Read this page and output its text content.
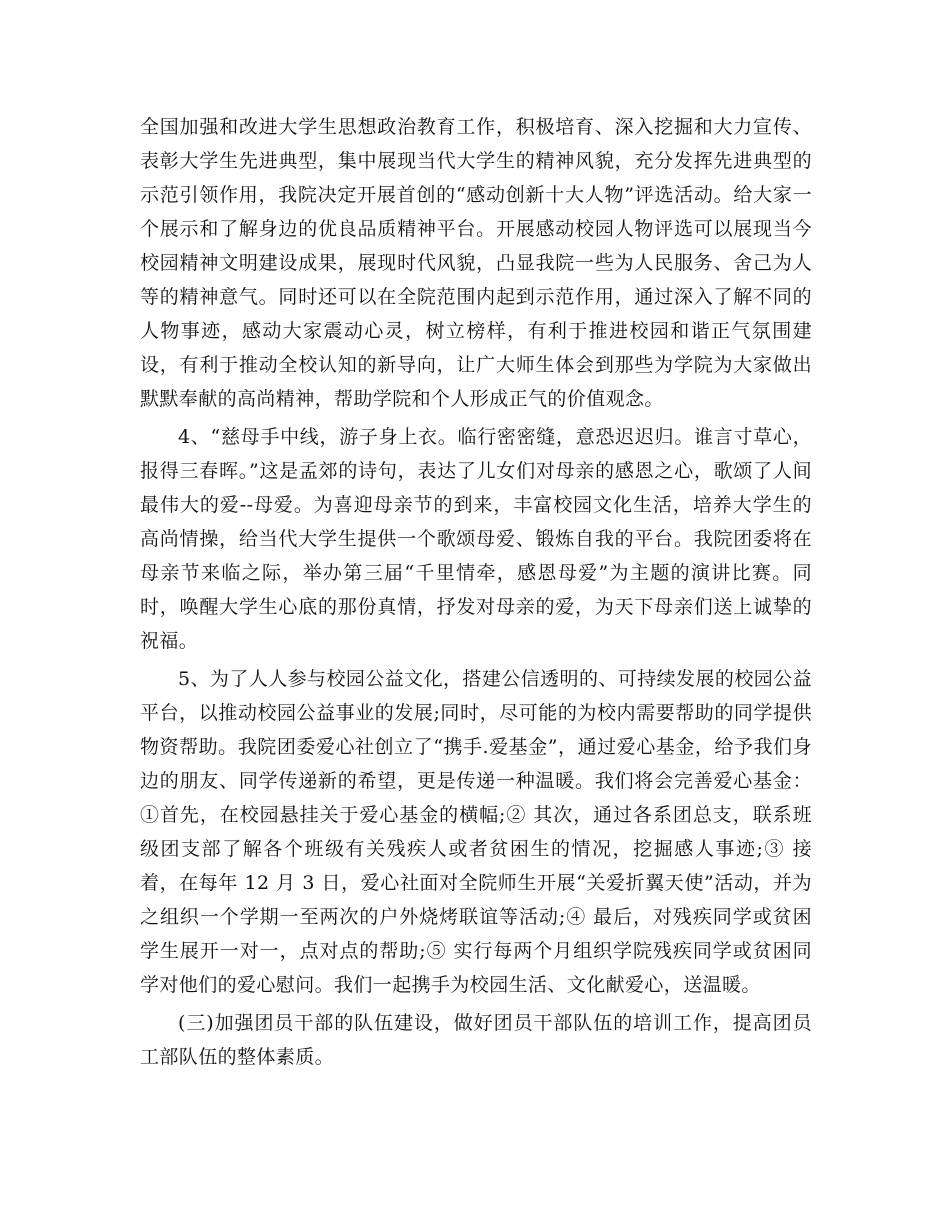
全国加强和改进大学生思想政治教育工作，积极培育、深入挖掘和大力宣传、表彰大学生先进典型，集中展现当代大学生的精神风貌，充分发挥先进典型的示范引领作用，我院决定开展首创的“感动创新十大人物”评选活动。给大家一个展示和了解身边的优良品质精神平台。开展感动校园人物评选可以展现当今校园精神文明建设成果，展现时代风貌，凸显我院一些为人民服务、舍己为人等的精神意气。同时还可以在全院范围内起到示范作用，通过深入了解不同的人物事迹，感动大家震动心灵，树立榜样，有利于推进校园和谐正气氛围建设，有利于推动全校认知的新导向，让广大师生体会到那些为学院为大家做出默默奉献的高尚精神，帮助学院和个人形成正气的价值观念。

4、“慈母手中线，游子身上衣。临行密密缝，意恐迟迟归。谁言寸草心，报得三春晖。”这是孟郊的诗句，表达了儿女们对母亲的感恩之心，歌颂了人间最伟大的爱--母爱。为喜迎母亲节的到来，丰富校园文化生活，培养大学生的高尚情操，给当代大学生提供一个歌颂母爱、锻炼自我的平台。我院团委将在母亲节来临之际，举办第三届“千里情牵，感恩母爱”为主题的演讲比赛。同时，唤醒大学生心底的那份真情，抒发对母亲的爱，为天下母亲们送上诚挚的祝福。

5、为了人人参与校园公益文化，搭建公信透明的、可持续发展的校园公益平台，以推动校园公益事业的发展;同时，尽可能的为校内需要帮助的同学提供物资帮助。我院团委爱心社创立了“携手.爱基金”，通过爱心基金，给予我们身边的朋友、同学传递新的希望，更是传递一种温暖。我们将会完善爱心基金：①首先，在校园悬挂关于爱心基金的横幅;② 其次，通过各系团总支，联系班级团支部了解各个班级有关残疾人或者贫困生的情况，挖掘感人事迹;③ 接着，在每年 12 月 3 日，爱心社面对全院师生开展“关爱折翼天使”活动，并为之组织一个学期一至两次的户外烧烤联谊等活动;④ 最后，对残疾同学或贫困学生展开一对一，点对点的帮助;⑤ 实行每两个月组织学院残疾同学或贫困同学对他们的爱心慰问。我们一起携手为校园生活、文化献爱心，送温暖。

(三)加强团员干部的队伍建设，做好团员干部队伍的培训工作，提高团员工部队伍的整体素质。
